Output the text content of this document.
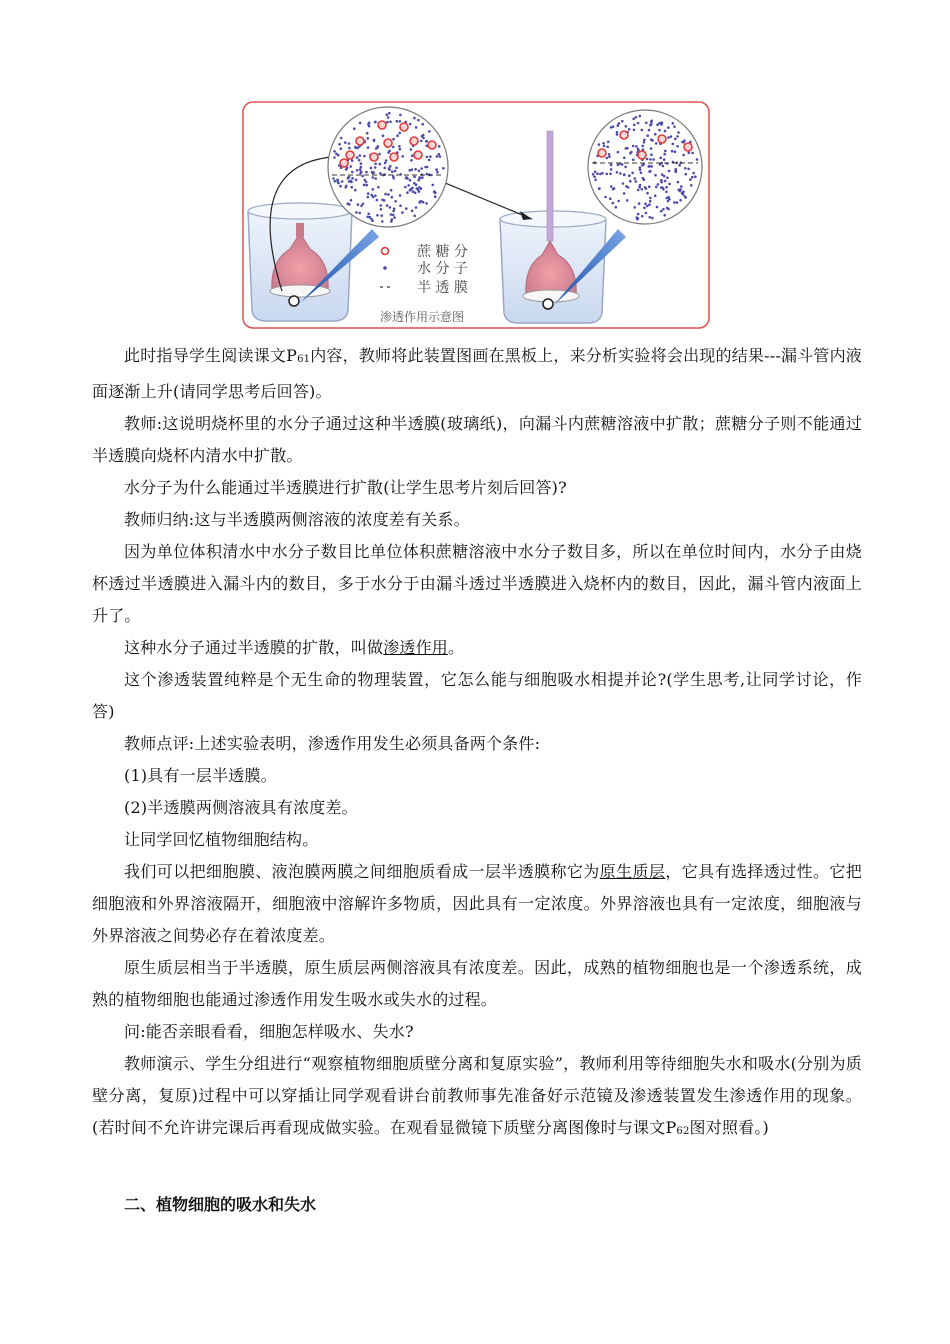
蔗 糖 分
水 分 子
半 透 膜
渗透作用示意图

此时指导学生阅读课文$P_{61}$内容，教师将此装置图画在黑板上，来分析实验将会出现的结果---漏斗管内液面逐渐上升(请同学思考后回答)。

教师:这说明烧杯里的水分子通过这种半透膜(玻璃纸)，向漏斗内蔗糖溶液中扩散；蔗糖分子则不能通过半透膜向烧杯内清水中扩散。

水分子为什么能通过半透膜进行扩散(让学生思考片刻后回答)?

教师归纳:这与半透膜两侧溶液的浓度差有关系。

因为单位体积清水中水分子数目比单位体积蔗糖溶液中水分子数目多，所以在单位时间内，水分子由烧杯透过半透膜进入漏斗内的数目，多于水分于由漏斗透过半透膜进入烧杯内的数目，因此，漏斗管内液面上升了。

这种水分子通过半透膜的扩散，叫做渗透作用。

这个渗透装置纯粹是个无生命的物理装置，它怎么能与细胞吸水相提并论?(学生思考,让同学讨论，作答)

教师点评:上述实验表明，渗透作用发生必须具备两个条件:

(1)具有一层半透膜。

(2)半透膜两侧溶液具有浓度差。

让同学回忆植物细胞结构。

我们可以把细胞膜、液泡膜两膜之间细胞质看成一层半透膜称它为原生质层，它具有选择透过性。它把细胞液和外界溶液隔开，细胞液中溶解许多物质，因此具有一定浓度。外界溶液也具有一定浓度，细胞液与外界溶液之间势必存在着浓度差。

原生质层相当于半透膜，原生质层两侧溶液具有浓度差。因此，成熟的植物细胞也是一个渗透系统，成熟的植物细胞也能通过渗透作用发生吸水或失水的过程。

问:能否亲眼看看，细胞怎样吸水、失水?

教师演示、学生分组进行“观察植物细胞质壁分离和复原实验”，教师利用等待细胞失水和吸水(分别为质壁分离，复原)过程中可以穿插让同学观看讲台前教师事先准备好示范镜及渗透装置发生渗透作用的现象。(若时间不允许讲完课后再看现成做实验。在观看显微镜下质壁分离图像时与课文$P_{62}$图对照看。)

二、植物细胞的吸水和失水
